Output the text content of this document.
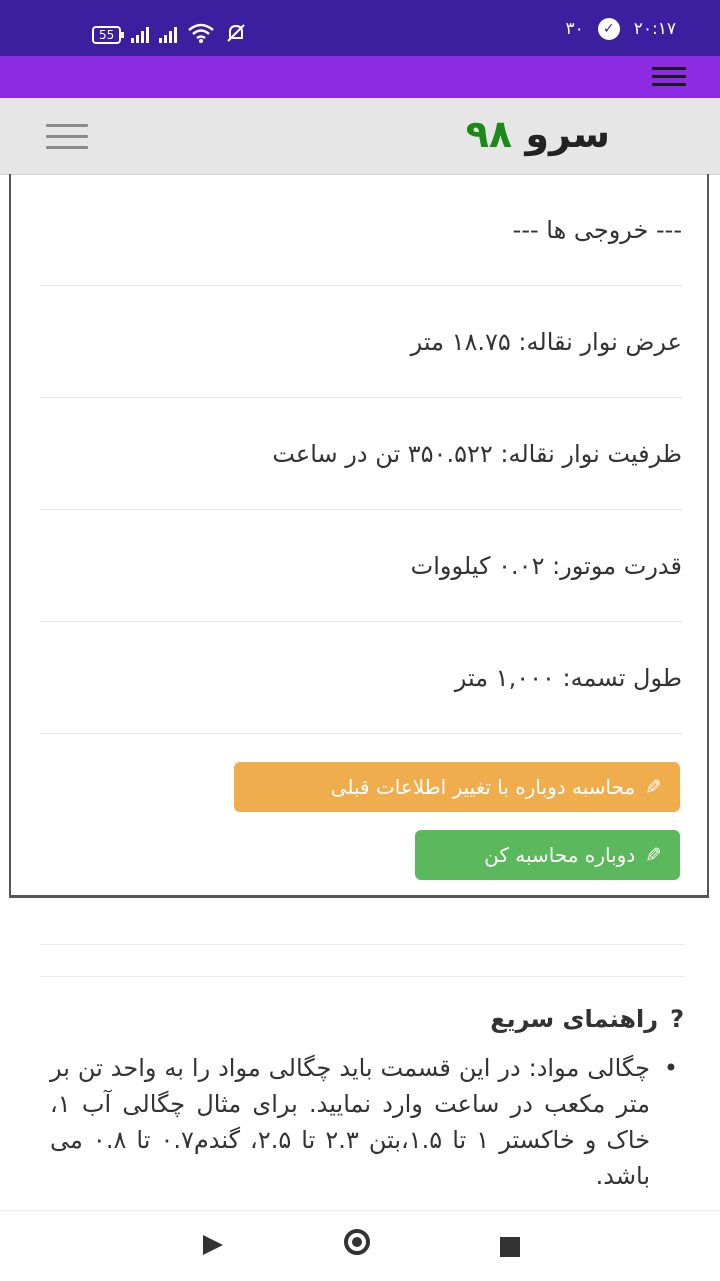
55	۲۰:۱۷
✓
۳۰
سرو ۹۸
--- خروجی ها ---
عرض نوار نقاله: ۱۸.۷۵ متر
ظرفیت نوار نقاله: ۳۵۰.۵۲۲ تن در ساعت
قدرت موتور: ۰.۰۲ کیلووات
طول تسمه: ۱,۰۰۰ متر
✎
محاسبه دوباره با تغییر اطلاعات قبلی
✎
دوباره محاسبه کن
?
راهنمای سریع
• چگالی مواد: در این قسمت باید چگالی مواد را به واحد تن بر متر مکعب در ساعت وارد نمایید. برای مثال چگالی آب ۱، خاک و خاکستر ۱ تا ۱.۵،بتن ۲.۳ تا ۲.۵، گندم۰.۷ تا ۰.۸ می باشد.
